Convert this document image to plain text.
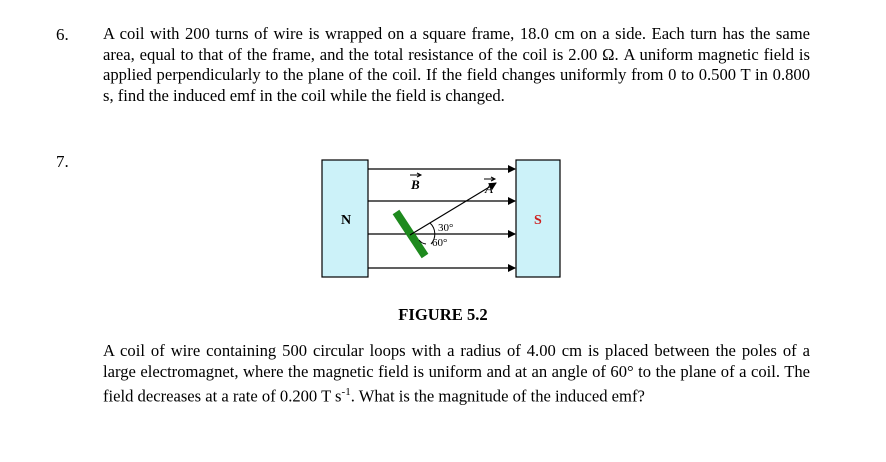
6. A coil with 200 turns of wire is wrapped on a square frame, 18.0 cm on a side. Each turn has the same area, equal to that of the frame, and the total resistance of the coil is 2.00 Ω. A uniform magnetic field is applied perpendicularly to the plane of the coil. If the field changes uniformly from 0 to 0.500 T in 0.800 s, find the induced emf in the coil while the field is changed.
7.
N	S
B	A
30°
60°
FIGURE 5.2
A coil of wire containing 500 circular loops with a radius of 4.00 cm is placed between the poles of a large electromagnet, where the magnetic field is uniform and at an angle of 60° to the plane of a coil. The field decreases at a rate of 0.200 T $s^{-1}$. What is the magnitude of the induced emf?
